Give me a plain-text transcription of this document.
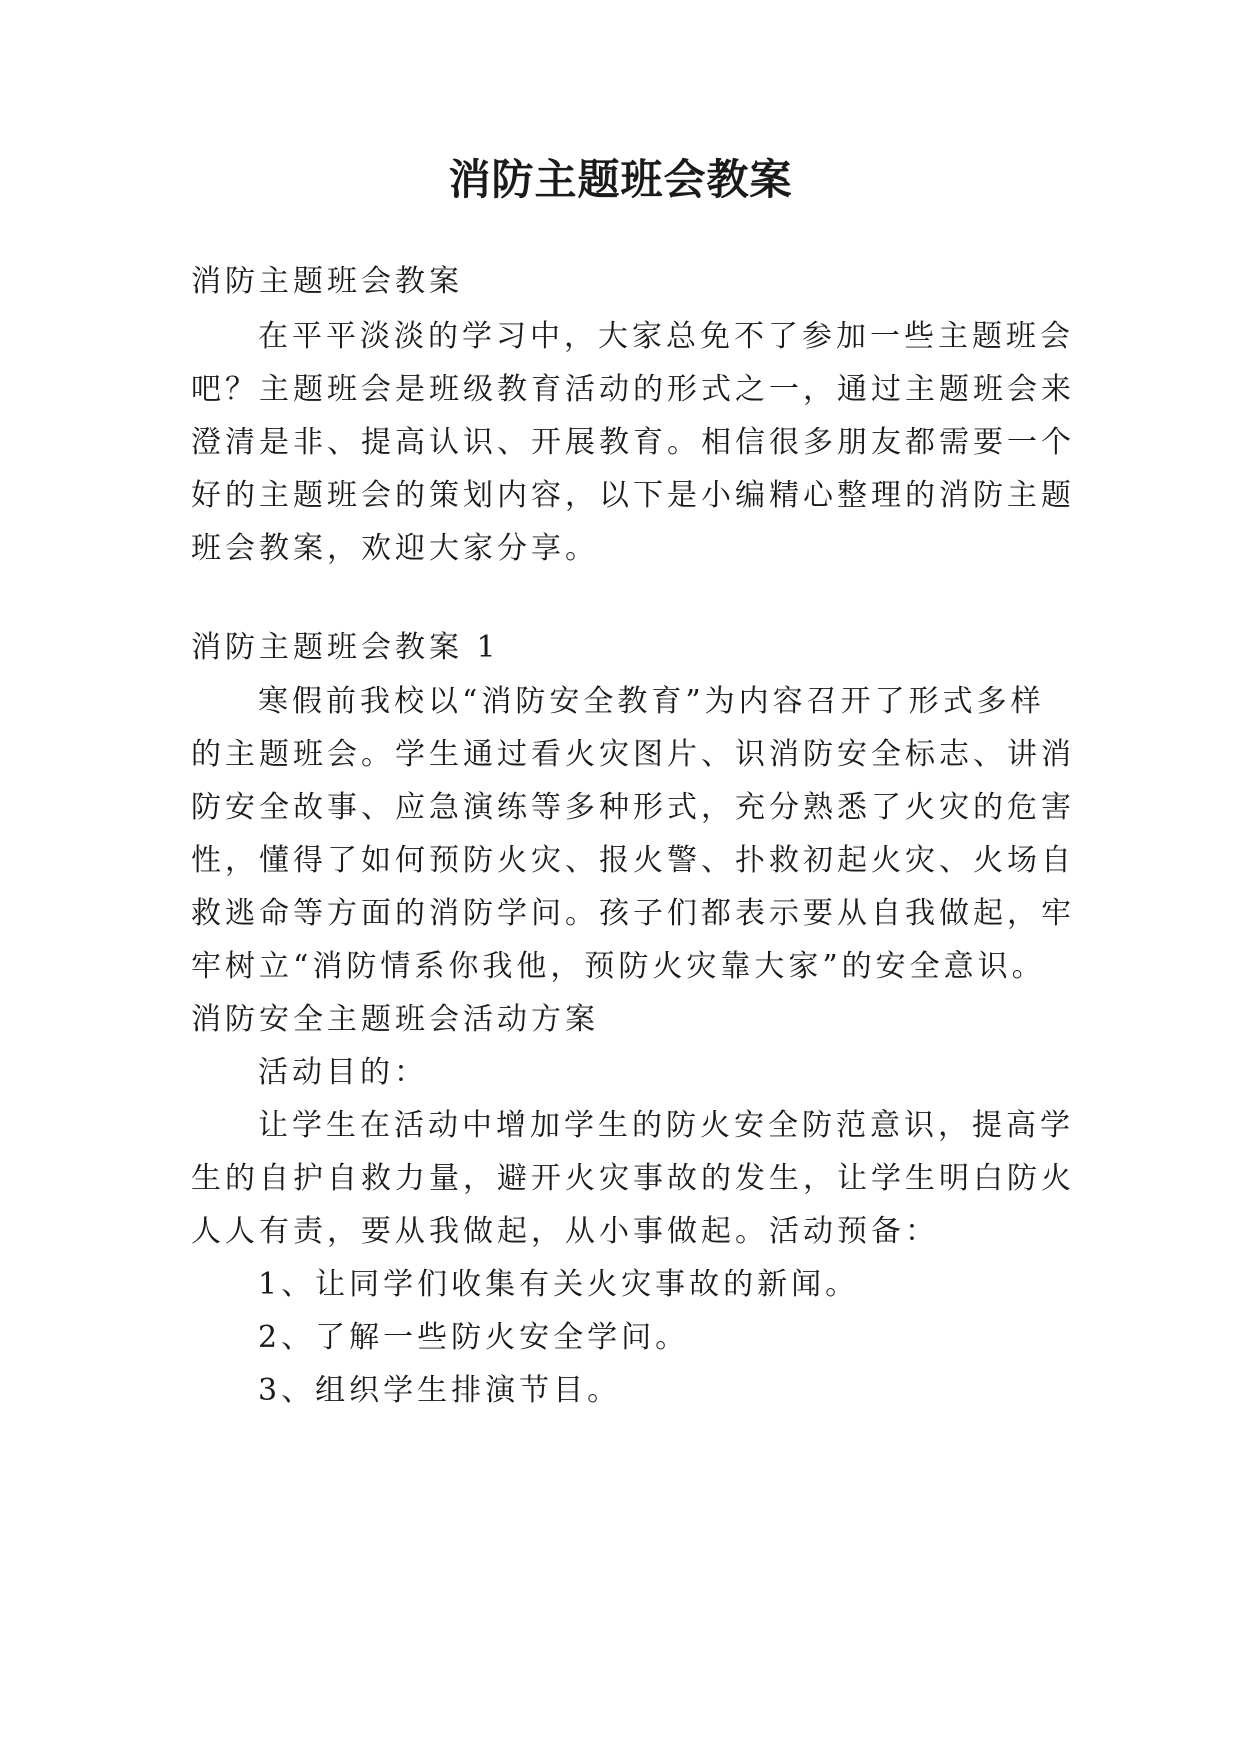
消防主题班会教案
消防主题班会教案
在平平淡淡的学习中，大家总免不了参加一些主题班会
吧？主题班会是班级教育活动的形式之一，通过主题班会来
澄清是非、提高认识、开展教育。相信很多朋友都需要一个
好的主题班会的策划内容，以下是小编精心整理的消防主题
班会教案，欢迎大家分享。
消防主题班会教案 1
寒假前我校以“消防安全教育”为内容召开了形式多样
的主题班会。学生通过看火灾图片、识消防安全标志、讲消
防安全故事、应急演练等多种形式，充分熟悉了火灾的危害
性，懂得了如何预防火灾、报火警、扑救初起火灾、火场自
救逃命等方面的消防学问。孩子们都表示要从自我做起，牢
牢树立“消防情系你我他，预防火灾靠大家”的安全意识。
消防安全主题班会活动方案
活动目的：
让学生在活动中增加学生的防火安全防范意识，提高学
生的自护自救力量，避开火灾事故的发生，让学生明白防火
人人有责，要从我做起，从小事做起。活动预备：
1、让同学们收集有关火灾事故的新闻。
2、了解一些防火安全学问。
3、组织学生排演节目。
